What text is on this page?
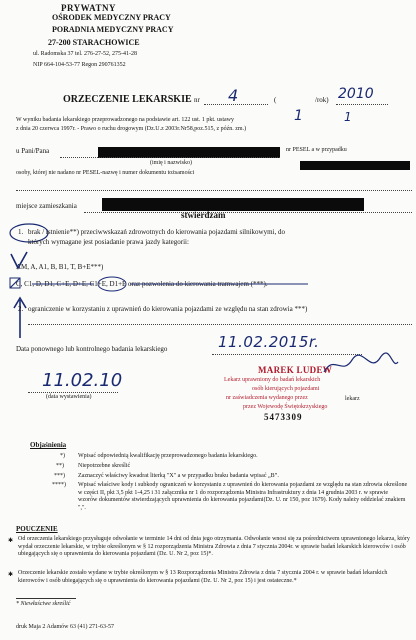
PRYWATNY
OŚRODEK MEDYCZNY PRACY
PORADNIA MEDYCZNY PRACY
27-200 STARACHOWICE
ul. Radomska 37 tel. 276-27-52, 275-41-28
NIP 664-104-53-77 Regon 290761352
ORZECZENIE LEKARSKIE nr 4	(	/rok) 2010
W wyniku badania lekarskiego przeprowadzonego na podstawie art. 122 ust. 1 pkt. ustawy	1	1
z dnia 20 czerwca 1997r. - Prawo o ruchu drogowym (Dz.U.z 2003r.Nr58,poz.515, z późn. zm.)
u Pani/Pana	nr PESEL a w przypadku
(imię i nazwisko)
osoby, której nie nadano nr PESEL-nazwę i numer dokumentu tożsamości
miejsce zamieszkania
stwierdzam
1. brak / istnienie**) przeciwwskazań zdrowotnych do kierowania pojazdami silnikowymi, do
których wymagane jest posiadanie prawa jazdy kategorii:
AM, A, A1, B, B1, T, B+E***)
C, C1, D, D1, C+E, D+E, C1+E, D1+E oraz pozwolenia do kierowania tramwajem (***).
2. ograniczenie w korzystaniu z uprawnień do kierowania pojazdami ze względu na stan zdrowia ***)
Data ponownego lub kontrolnego badania lekarskiego	11.02.2015r.
11.02.10
(data wystawienia)
MAREK LUDEW
Lekarz uprawniony do badań lekarskich
osób kierujących pojazdami
nr zaświadczenia wydanego przez
przez Wojewodę Świętokrzyskiego
5473309
lekarz
Objaśnienia
*) Wpisać odpowiednią kwalifikację przeprowadzonego badania lekarskiego.
**) Niepotrzebne skreślić
***) Zaznaczyć właściwy kwadrat literką "X" a w przypadku braku badania wpisać „B”.
****) Wpisać właściwe kody i subkody ograniczeń w korzystaniu z uprawnień do kierowania pojazdami ze względu na stan zdrowia określone w części II, pkt 3,5 pkt 1-4,25 i 31 załącznika nr 1 do rozporządzenia Ministra Infrastruktury z dnia 14 grudnia 2003 r. w sprawie wzorów dokumentów stwierdzających uprawnienia do kierowania pojazdami(Dz. U. nr 150, poz 1679). Kody należy oddzielać znakiem ",".
POUCZENIE
✱ Od orzeczenia lekarskiego przysługuje odwołanie w terminie 14 dni od dnia jego otrzymania. Odwołanie wnosi się za pośrednictwem uprawnionego lekarza, który wydał orzeczenie lekarskie, w trybie określonym w § 12 rozporządzenia Ministra Zdrowia z dnia 7 stycznia 2004r. w sprawie badań lekarskich kierowców i osób ubiegających się o uprawnienia do kierowania pojazdami (Dz. U. Nr 2, poz 15)*.
✱ Orzeczenie lekarskie zostało wydane w trybie określonym w § 13 Rozporządzenia Ministra Zdrowia z dnia 7 stycznia 2004 r. w sprawie badań lekarskich kierowców i osób ubiegających się o uprawnienia do kierowania pojazdami (Dz. U. Nr 2, poz 15) i jest ostateczne.*
* Niewłaściwe skreślić
druk Maja 2 Adamów 63 (41) 271-63-57
